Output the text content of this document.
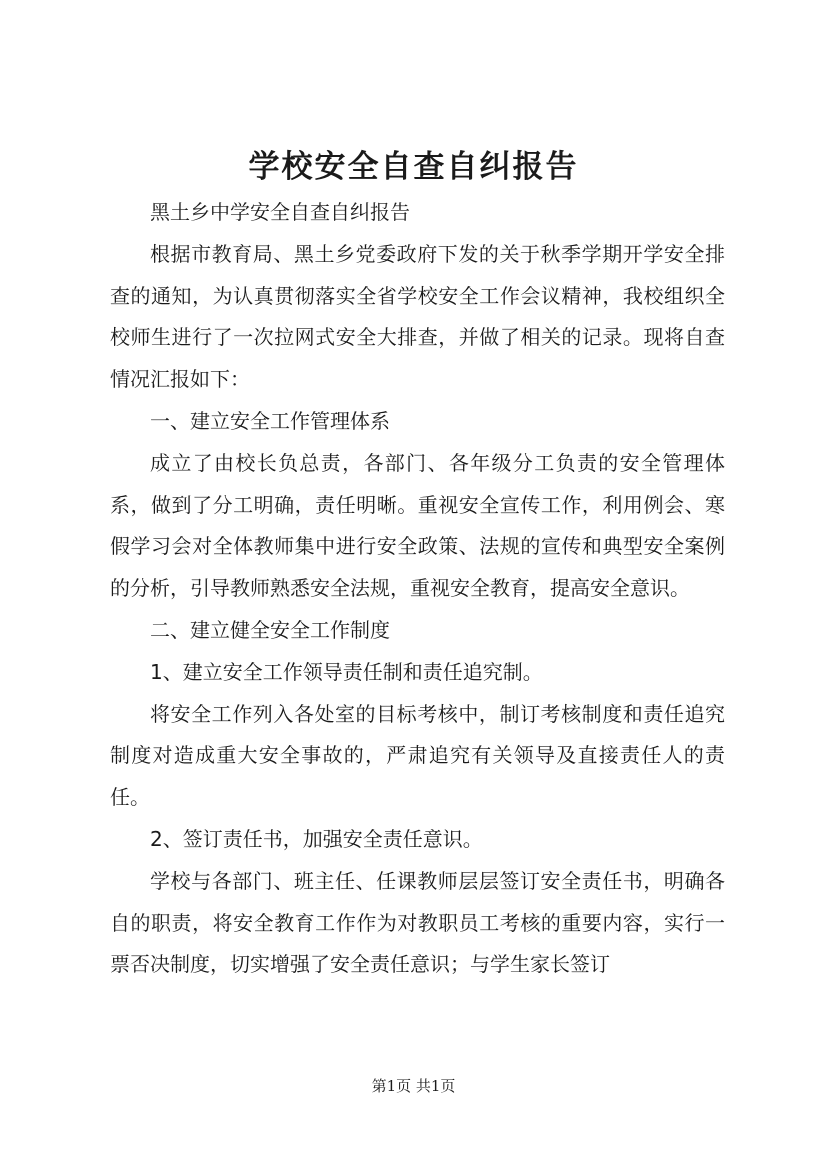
学校安全自查自纠报告

黑土乡中学安全自查自纠报告

根据市教育局、黑土乡党委政府下发的关于秋季学期开学安全排查的通知，为认真贯彻落实全省学校安全工作会议精神，我校组织全校师生进行了一次拉网式安全大排查，并做了相关的记录。现将自查情况汇报如下：

一、建立安全工作管理体系

成立了由校长负总责，各部门、各年级分工负责的安全管理体系，做到了分工明确，责任明晰。重视安全宣传工作，利用例会、寒假学习会对全体教师集中进行安全政策、法规的宣传和典型安全案例的分析，引导教师熟悉安全法规，重视安全教育，提高安全意识。

二、建立健全安全工作制度

1、建立安全工作领导责任制和责任追究制。

将安全工作列入各处室的目标考核中，制订考核制度和责任追究制度对造成重大安全事故的，严肃追究有关领导及直接责任人的责任。

2、签订责任书，加强安全责任意识。

学校与各部门、班主任、任课教师层层签订安全责任书，明确各自的职责，将安全教育工作作为对教职员工考核的重要内容，实行一票否决制度，切实增强了安全责任意识；与学生家长签订

第1页 共1页
